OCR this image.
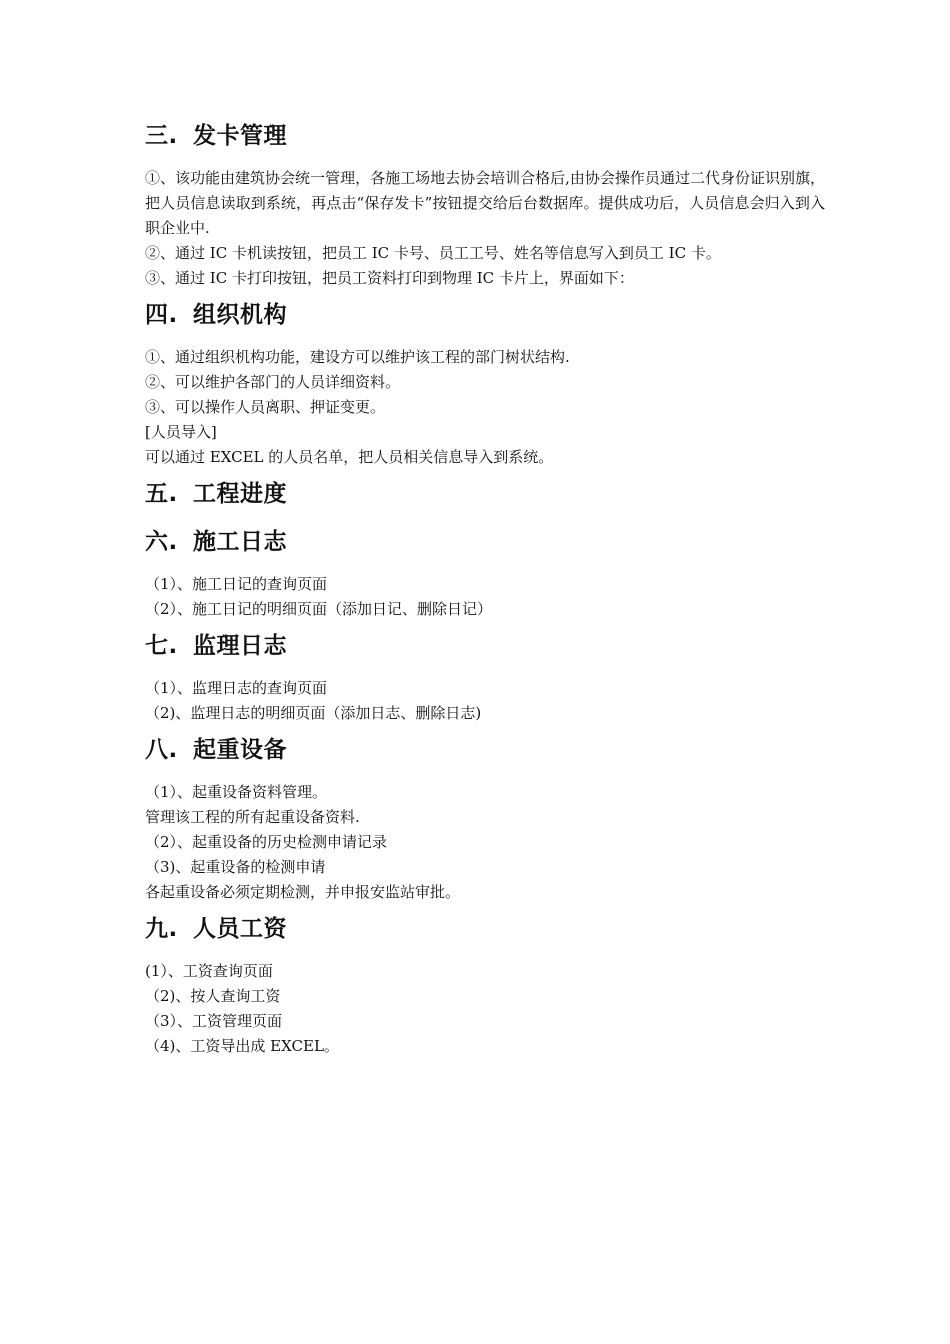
三. 发卡管理

①、该功能由建筑协会统一管理，各施工场地去协会培训合格后,由协会操作员通过二代身份证识别旗，把人员信息读取到系统，再点击“保存发卡”按钮提交给后台数据库。提供成功后，人员信息会归入到入职企业中.

②、通过 IC 卡机读按钮，把员工 IC 卡号、员工工号、姓名等信息写入到员工 IC 卡。

③、通过 IC 卡打印按钮，把员工资料打印到物理 IC 卡片上，界面如下：

四. 组织机构

①、通过组织机构功能，建设方可以维护该工程的部门树状结构.

②、可以维护各部门的人员详细资料。

③、可以操作人员离职、押证变更。

[人员导入]

可以通过 EXCEL 的人员名单，把人员相关信息导入到系统。

五. 工程进度
六. 施工日志

（1）、施工日记的查询页面

（2）、施工日记的明细页面（添加日记、删除日记）

七. 监理日志

（1）、监理日志的查询页面

（2)、监理日志的明细页面（添加日志、删除日志)

八. 起重设备

（1）、起重设备资料管理。

管理该工程的所有起重设备资料.

（2）、起重设备的历史检测申请记录

（3)、起重设备的检测申请

各起重设备必须定期检测，并申报安监站审批。

九. 人员工资

(1）、工资查询页面

（2)、按人查询工资

（3）、工资管理页面

（4)、工资导出成 EXCEL。
